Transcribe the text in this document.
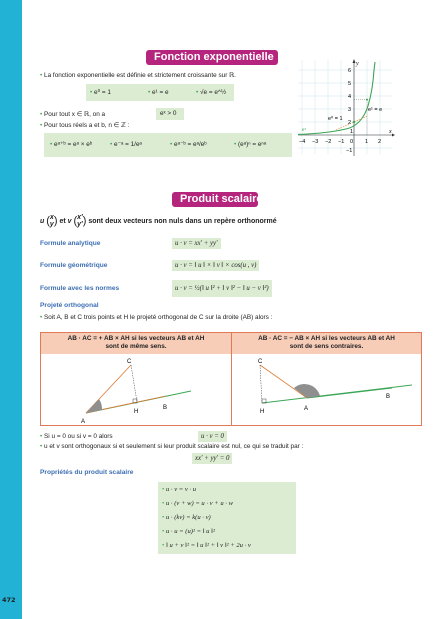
472
Fonction exponentielle
• La fonction exponentielle est définie et strictement croissante sur ℝ.
• e⁰ = 1	• e¹ = e	• √e = e^½
• Pour tout x ∈ ℝ, on a	eˣ > 0
• Pour tous réels a et b, n ∈ ℤ :
• eᵃ⁺ᵇ = eᵃ × eᵇ	• e⁻ᵃ = 1/eᵃ	• eᵃ⁻ᵇ = eᵃ/eᵇ	• (eᵃ)ⁿ = eⁿᵃ	−4 −3 −2 −1 0 1 2
6
5
4
3
2
1
−1
y
x
e⁰ = 1
e¹ = e
eˣ
Produit scalaire
u (x
y) et v (x′
y′) sont deux vecteurs non nuls dans un repère orthonormé
Formule analytique	u · v = xx′ + yy′
Formule géométrique	u · v = ‖ u ‖ × ‖ v ‖ × cos(u , v)
Formule avec les normes	u · v = ½(‖ u ‖² + ‖ v ‖² − ‖ u − v ‖²)
Projeté orthogonal
• Soit A, B et C trois points et H le projeté orthogonal de C sur la droite (AB) alors :
AB · AC = + AB × AH si les vecteurs AB et AH
sont de même sens.
AB · AC = − AB × AH si les vecteurs AB et AH
sont de sens contraires.
A
H
B
C	C
H	A
B
• Si u = 0 ou si v = 0 alors	u · v = 0
• u et v sont orthogonaux si et seulement si leur produit scalaire est nul, ce qui se traduit par :
xx′ + yy′ = 0
Propriétés du produit scalaire
• u · v = v · u
• u · (v + w) = u · v + u · w
• u · (kv) = k(u · v)
• u · u = (u)² = ‖ u ‖²
• ‖ u + v ‖² = ‖ u ‖² + ‖ v ‖² + 2u · v
